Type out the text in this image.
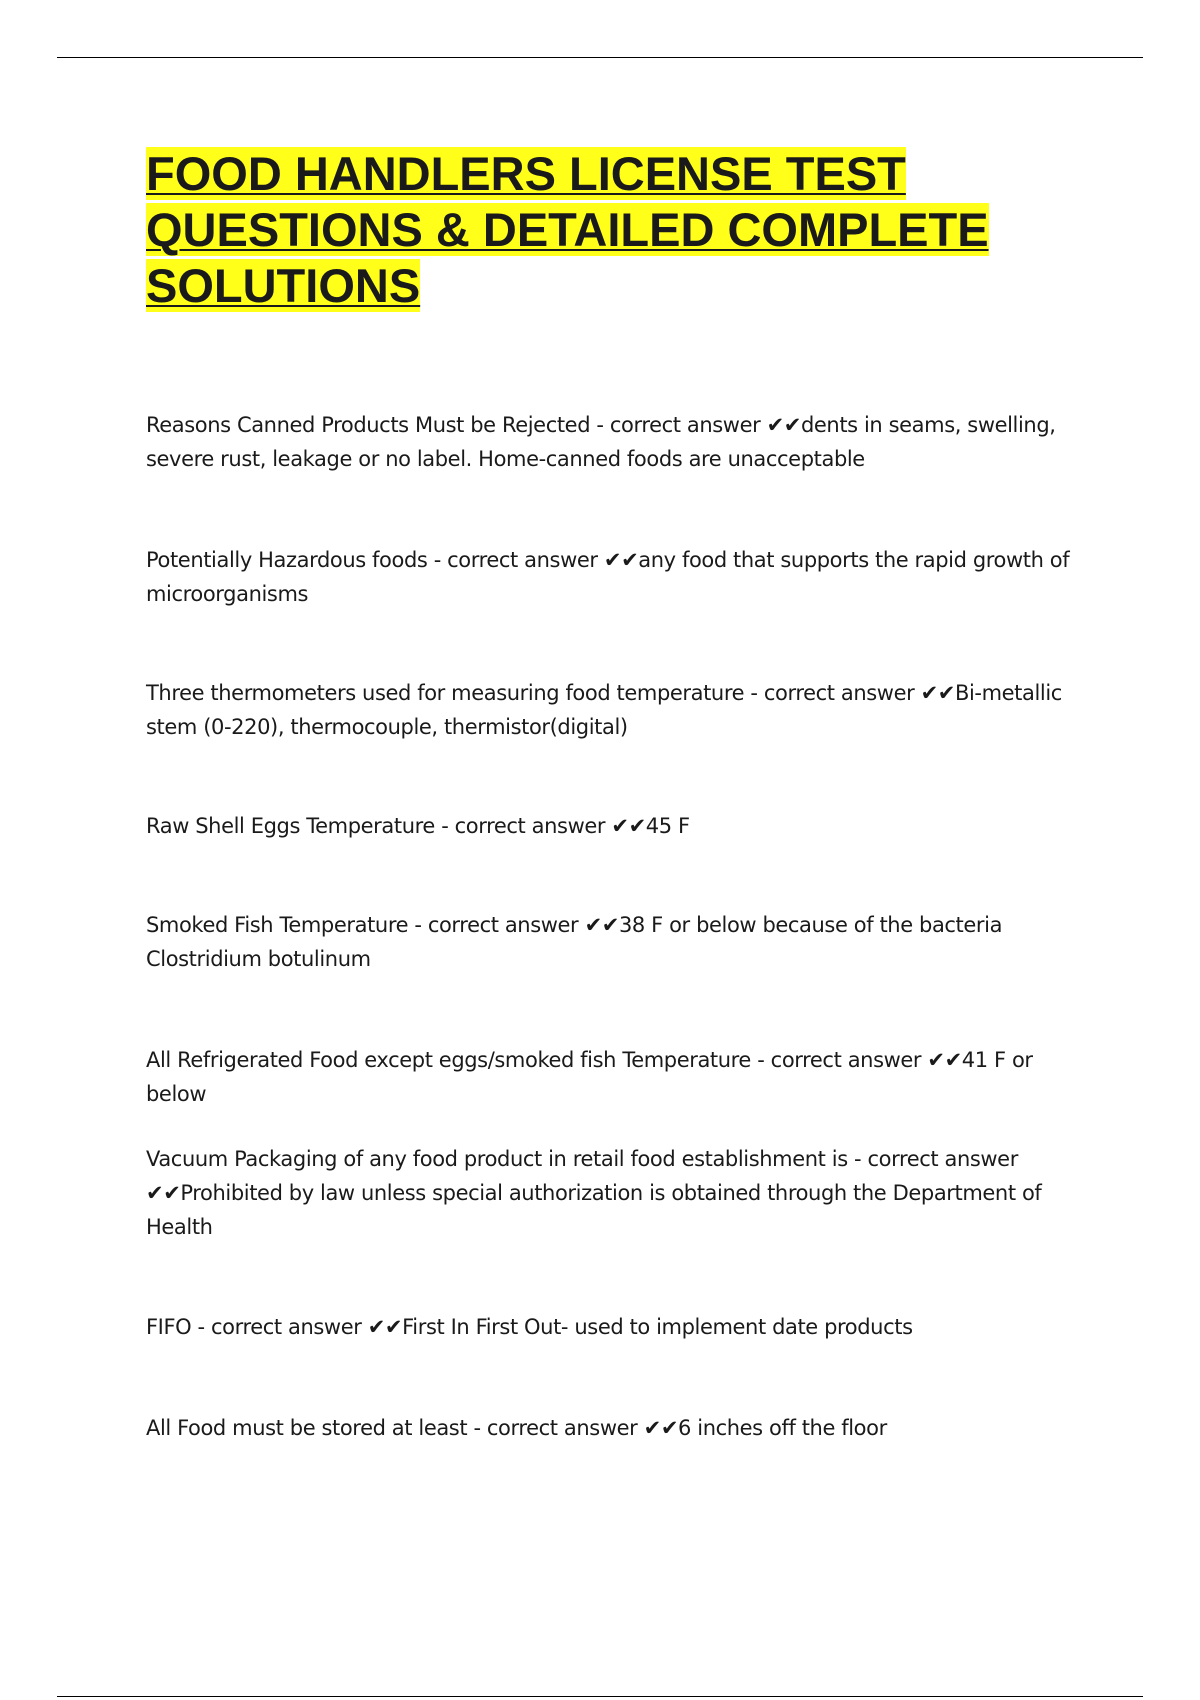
FOOD HANDLERS LICENSE TEST QUESTIONS & DETAILED COMPLETE SOLUTIONS
Reasons Canned Products Must be Rejected - correct answer ✔✔dents in seams, swelling, severe rust, leakage or no label. Home-canned foods are unacceptable
Potentially Hazardous foods - correct answer ✔✔any food that supports the rapid growth of microorganisms
Three thermometers used for measuring food temperature - correct answer ✔✔Bi-metallic stem (0-220), thermocouple, thermistor(digital)
Raw Shell Eggs Temperature - correct answer ✔✔45 F
Smoked Fish Temperature - correct answer ✔✔38 F or below because of the bacteria Clostridium botulinum
All Refrigerated Food except eggs/smoked fish Temperature - correct answer ✔✔41 F or below
Vacuum Packaging of any food product in retail food establishment is - correct answer ✔✔Prohibited by law unless special authorization is obtained through the Department of Health
FIFO - correct answer ✔✔First In First Out- used to implement date products
All Food must be stored at least - correct answer ✔✔6 inches off the floor
